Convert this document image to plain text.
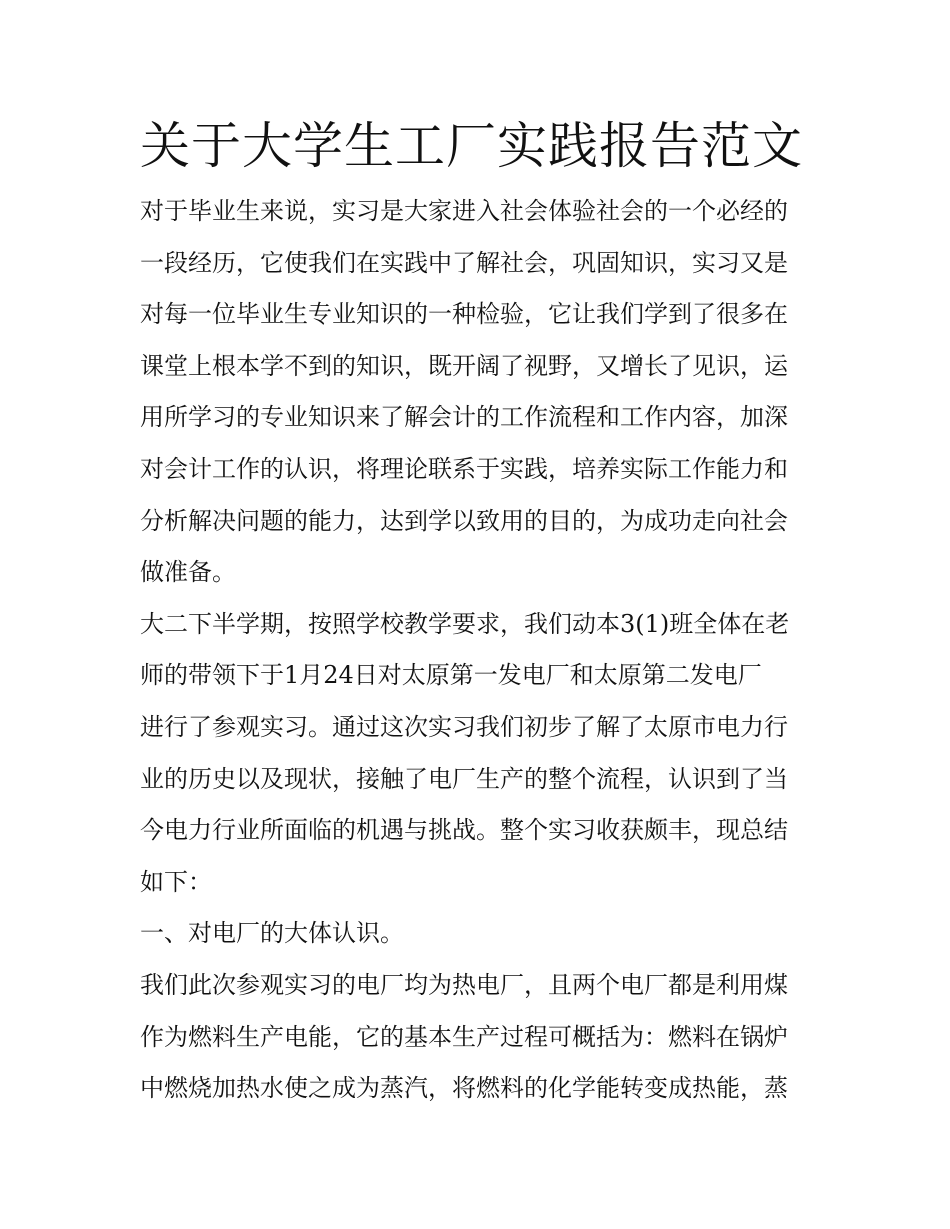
关于大学生工厂实践报告范文
对于毕业生来说，实习是大家进入社会体验社会的一个必经的
一段经历，它使我们在实践中了解社会，巩固知识，实习又是
对每一位毕业生专业知识的一种检验，它让我们学到了很多在
课堂上根本学不到的知识，既开阔了视野，又增长了见识，运
用所学习的专业知识来了解会计的工作流程和工作内容，加深
对会计工作的认识，将理论联系于实践，培养实际工作能力和
分析解决问题的能力，达到学以致用的目的，为成功走向社会
做准备。
大二下半学期，按照学校教学要求，我们动本3(1)班全体在老
师的带领下于1月24日对太原第一发电厂和太原第二发电厂
进行了参观实习。通过这次实习我们初步了解了太原市电力行
业的历史以及现状，接触了电厂生产的整个流程，认识到了当
今电力行业所面临的机遇与挑战。整个实习收获颇丰，现总结
如下：
一、对电厂的大体认识。
我们此次参观实习的电厂均为热电厂，且两个电厂都是利用煤
作为燃料生产电能，它的基本生产过程可概括为：燃料在锅炉
中燃烧加热水使之成为蒸汽，将燃料的化学能转变成热能，蒸
